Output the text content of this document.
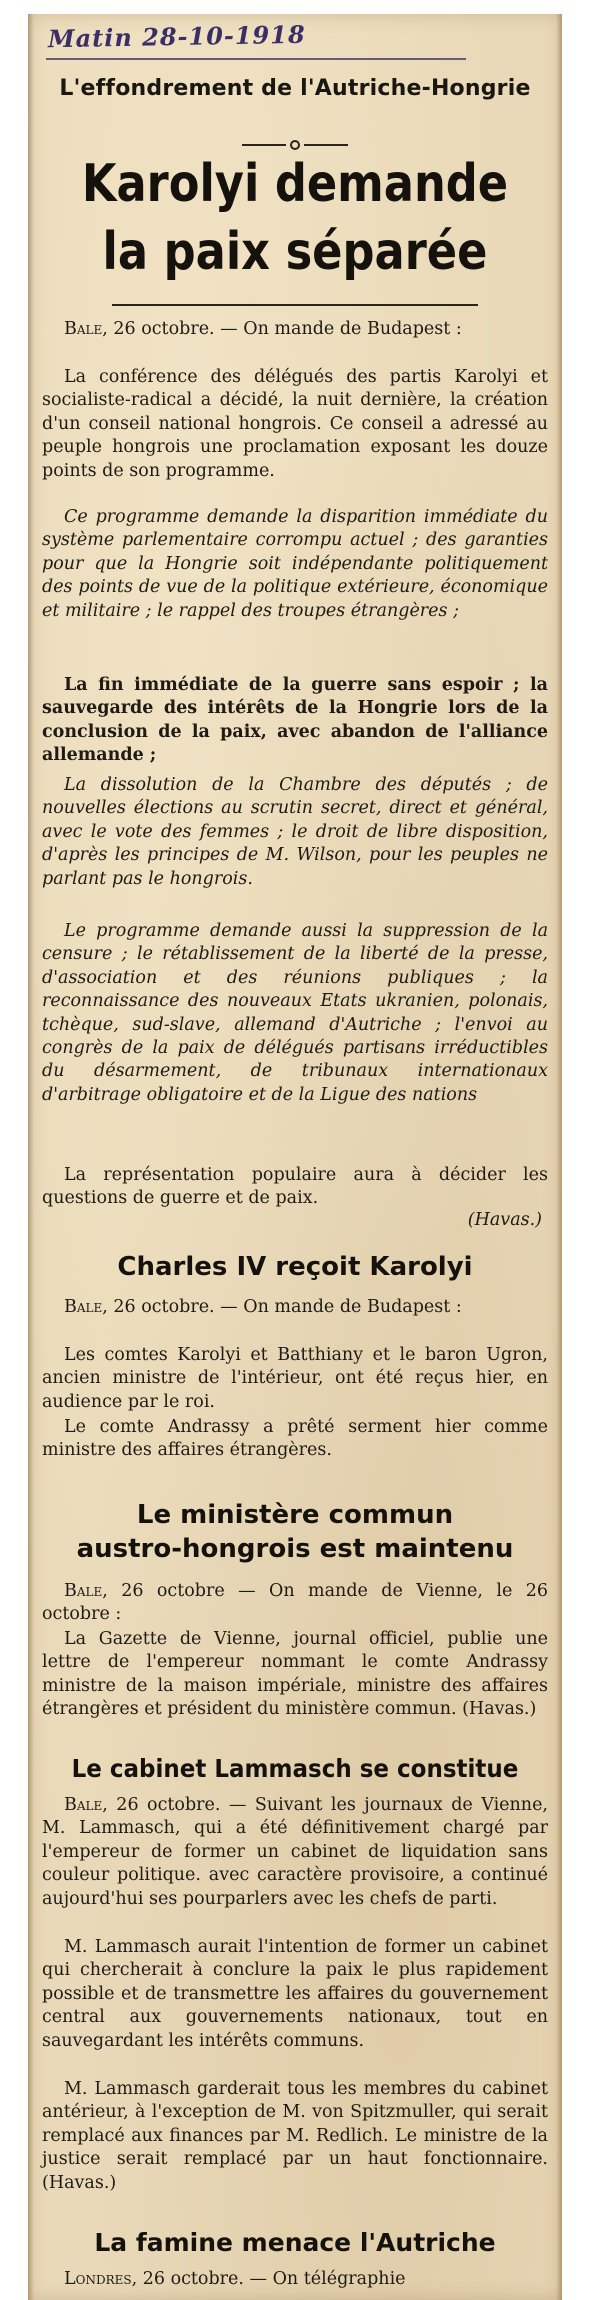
Matin 28-10-1918
L'effondrement de l'Autriche-Hongrie
Karolyi demande
la paix séparée
Bale, 26 octobre. — On mande de Budapest :
La conférence des délégués des partis Karolyi et socialiste-radical a décidé, la nuit dernière, la création d'un conseil national hongrois. Ce conseil a adressé au peuple hongrois une proclamation exposant les douze points de son programme.
Ce programme demande la disparition immédiate du système parlementaire corrompu actuel ; des garanties pour que la Hongrie soit indépendante politiquement des points de vue de la politique extérieure, économique et militaire ; le rappel des troupes étrangères ;
La fin immédiate de la guerre sans espoir ; la sauvegarde des intérêts de la Hongrie lors de la conclusion de la paix, avec abandon de l'alliance allemande ;
La dissolution de la Chambre des députés ; de nouvelles élections au scrutin secret, direct et général, avec le vote des femmes ; le droit de libre disposition, d'après les principes de M. Wilson, pour les peuples ne parlant pas le hongrois.
Le programme demande aussi la suppression de la censure ; le rétablissement de la liberté de la presse, d'association et des réunions publiques ; la reconnaissance des nouveaux Etats ukranien, polonais, tchèque, sud-slave, allemand d'Autriche ; l'envoi au congrès de la paix de délégués partisans irréductibles du désarmement, de tribunaux internationaux d'arbitrage obligatoire et de la Ligue des nations
La représentation populaire aura à décider les questions de guerre et de paix.
(Havas.)
Charles IV reçoit Karolyi
Bale, 26 octobre. — On mande de Budapest :
Les comtes Karolyi et Batthiany et le baron Ugron, ancien ministre de l'intérieur, ont été reçus hier, en audience par le roi.
Le comte Andrassy a prêté serment hier comme ministre des affaires étrangères.
Le ministère commun
austro-hongrois est maintenu
Bale, 26 octobre — On mande de Vienne, le 26 octobre :
La Gazette de Vienne, journal officiel, publie une lettre de l'empereur nommant le comte Andrassy ministre de la maison impériale, ministre des affaires étrangères et président du ministère commun. (Havas.)
Le cabinet Lammasch se constitue
Bale, 26 octobre. — Suivant les journaux de Vienne, M. Lammasch, qui a été définitivement chargé par l'empereur de former un cabinet de liquidation sans couleur politique. avec caractère provisoire, a continué aujourd'hui ses pourparlers avec les chefs de parti.
M. Lammasch aurait l'intention de former un cabinet qui chercherait à conclure la paix le plus rapidement possible et de transmettre les affaires du gouvernement central aux gouvernements nationaux, tout en sauvegardant les intérêts communs.
M. Lammasch garderait tous les membres du cabinet antérieur, à l'exception de M. von Spitzmuller, qui serait remplacé aux finances par M. Redlich. Le ministre de la justice serait remplacé par un haut fonctionnaire. (Havas.)
La famine menace l'Autriche
Londres, 26 octobre. — On télégraphie
